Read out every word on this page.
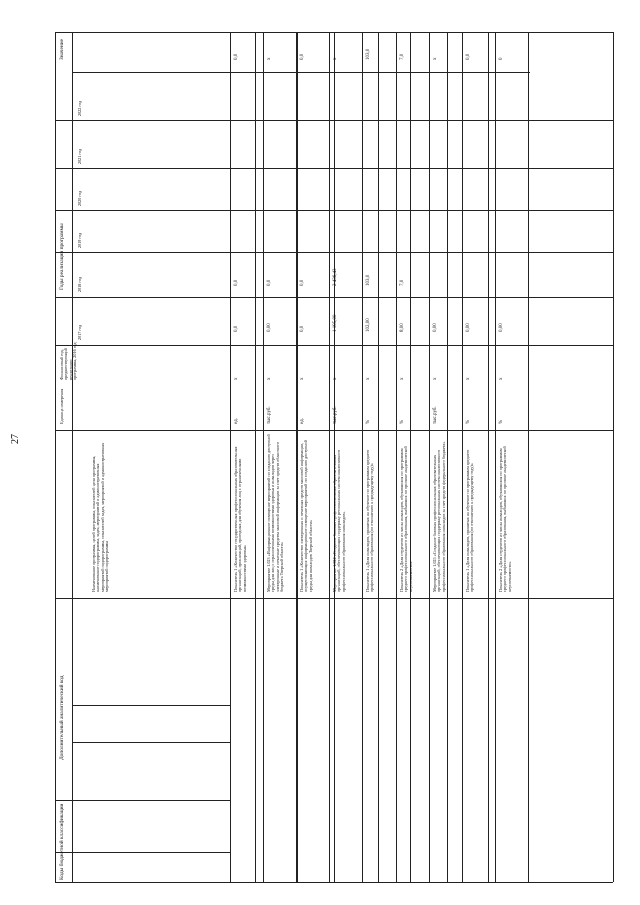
27
Коды бюджетной классификации
Дополнительный аналитический код
Наименование программы, целей программы, показателей цели программы, наименование подпрограммы, задач, мероприятий и административных мероприятий подпрограммы, показателей задач, мероприятий и административных мероприятий подпрограммы
Единица измерения
Финансовый год, предшествующий реализации программы, 2016 год
Годы реализации программы
Значение
2017 год
2018 год
2019 год
2020 год
2021 год
2022 год
Показатель 1 «Количество государственных профессиональных образовательных организаций, организаций, пригодных для обучения лиц с ограниченными возможностями здоровья»
ед.
x
0,0
0,0
0,0
Мероприятие 1.023 «Информационное освещение мероприятий по созданию доступной среды для лиц с ограниченными возможностями здоровья и инвалидов через электронные и печатные средства массовой информации за счет средств областного бюджета Тверской области»
тыс.руб.
x
0,00
0,0
x
Показатель 1 «Количество электронных и печатных средств массовой информации, осуществляющих информационное освещение мероприятий по созданию доступной среды для инвалидов Тверской области»
ед.
x
0,0
0,0
0,0
Мероприятие 1.024 «Создание базовых профессиональных образовательных организаций, обеспечивающих поддержку региональных систем инклюзивного профессионального образования инвалидов»
тыс.руб.
x
1 195,00
2 436,43
x
Показатель 1 «Доля инвалидов, принятых на обучение по программам среднего профессионального образования (по отношению к предыдущему году)»
%
x
102,00
103,0
103,0
Показатель 2 «Доля студентов из числа инвалидов, обучавшихся по программам среднего профессионального образования, выбывших по причине академической неуспеваемости»
%
x
8,00
7,0
7,0
Мероприятие 1.025 «Создание базовых профессиональных образовательных организаций, обеспечивающих поддержку региональных систем инклюзивного профессионального образования инвалидов за счет средств федерального бюджета»
тыс.руб.
x
0,00
x
Показатель 1 «Доля инвалидов, принятых на обучение по программам среднего профессионального образования (по отношению к предыдущему году)»
%
x
0,00
0,0
Показатель 2 «Доля студентов из числа инвалидов, обучавшихся по программам среднего профессионального образования, выбывших по причине академической неуспеваемости»
%
x
0,00
0
